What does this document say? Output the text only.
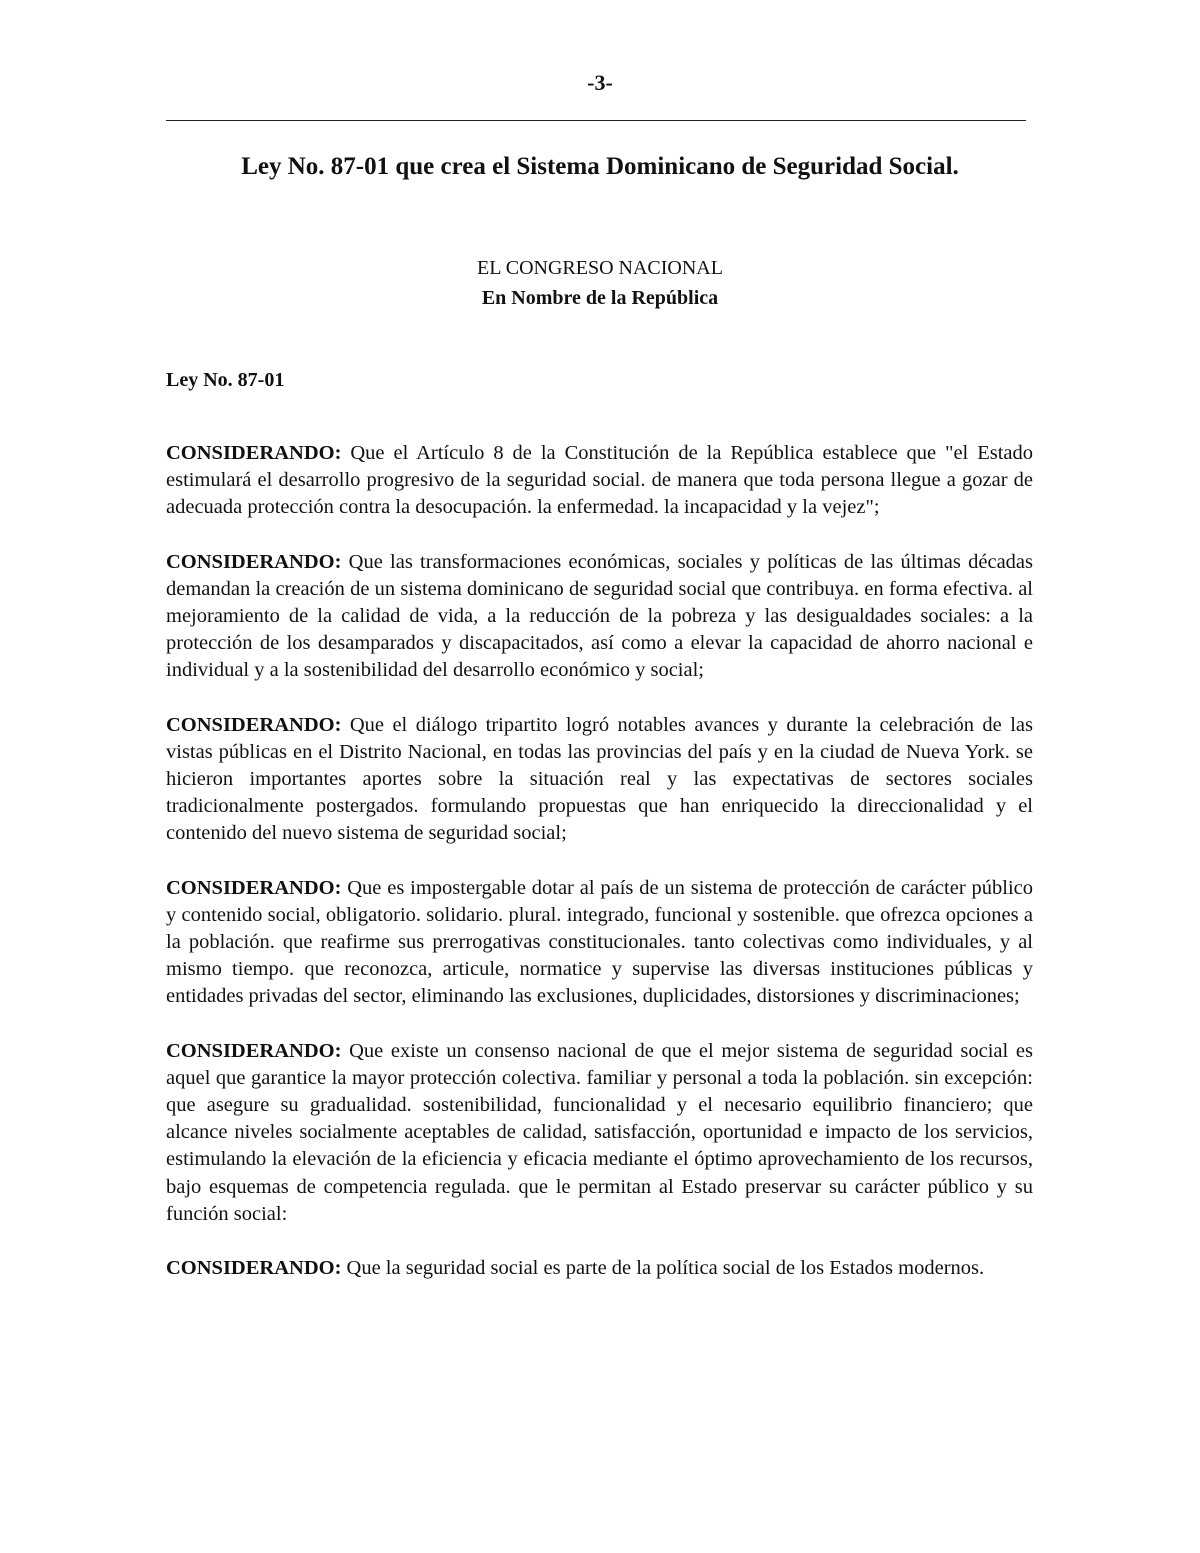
-3-
Ley No. 87-01 que crea el Sistema Dominicano de Seguridad Social.
EL CONGRESO NACIONAL
En Nombre de la República
Ley No. 87-01

CONSIDERANDO: Que el Artículo 8 de la Constitución de la República establece que "el Estado estimulará el desarrollo progresivo de la seguridad social. de manera que toda persona llegue a gozar de adecuada protección contra la desocupación. la enfermedad. la incapacidad y la vejez";

CONSIDERANDO: Que las transformaciones económicas, sociales y políticas de las últimas décadas demandan la creación de un sistema dominicano de seguridad social que contribuya. en forma efectiva. al mejoramiento de la calidad de vida, a la reducción de la pobreza y las desigualdades sociales: a la protección de los desamparados y discapacitados, así como a elevar la capacidad de ahorro nacional e individual y a la sostenibilidad del desarrollo económico y social;

CONSIDERANDO: Que el diálogo tripartito logró notables avances y durante la celebración de las vistas públicas en el Distrito Nacional, en todas las provincias del país y en la ciudad de Nueva York. se hicieron importantes aportes sobre la situación real y las expectativas de sectores sociales tradicionalmente postergados. formulando propuestas que han enriquecido la direccionalidad y el contenido del nuevo sistema de seguridad social;

CONSIDERANDO: Que es impostergable dotar al país de un sistema de protección de carácter público y contenido social, obligatorio. solidario. plural. integrado, funcional y sostenible. que ofrezca opciones a la población. que reafirme sus prerrogativas constitucionales. tanto colectivas como individuales, y al mismo tiempo. que reconozca, articule, normatice y supervise las diversas instituciones públicas y entidades privadas del sector, eliminando las exclusiones, duplicidades, distorsiones y discriminaciones;

CONSIDERANDO: Que existe un consenso nacional de que el mejor sistema de seguridad social es aquel que garantice la mayor protección colectiva. familiar y personal a toda la población. sin excepción: que asegure su gradualidad. sostenibilidad, funcionalidad y el necesario equilibrio financiero; que alcance niveles socialmente aceptables de calidad, satisfacción, oportunidad e impacto de los servicios, estimulando la elevación de la eficiencia y eficacia mediante el óptimo aprovechamiento de los recursos, bajo esquemas de competencia regulada. que le permitan al Estado preservar su carácter público y su función social:

CONSIDERANDO: Que la seguridad social es parte de la política social de los Estados modernos.
